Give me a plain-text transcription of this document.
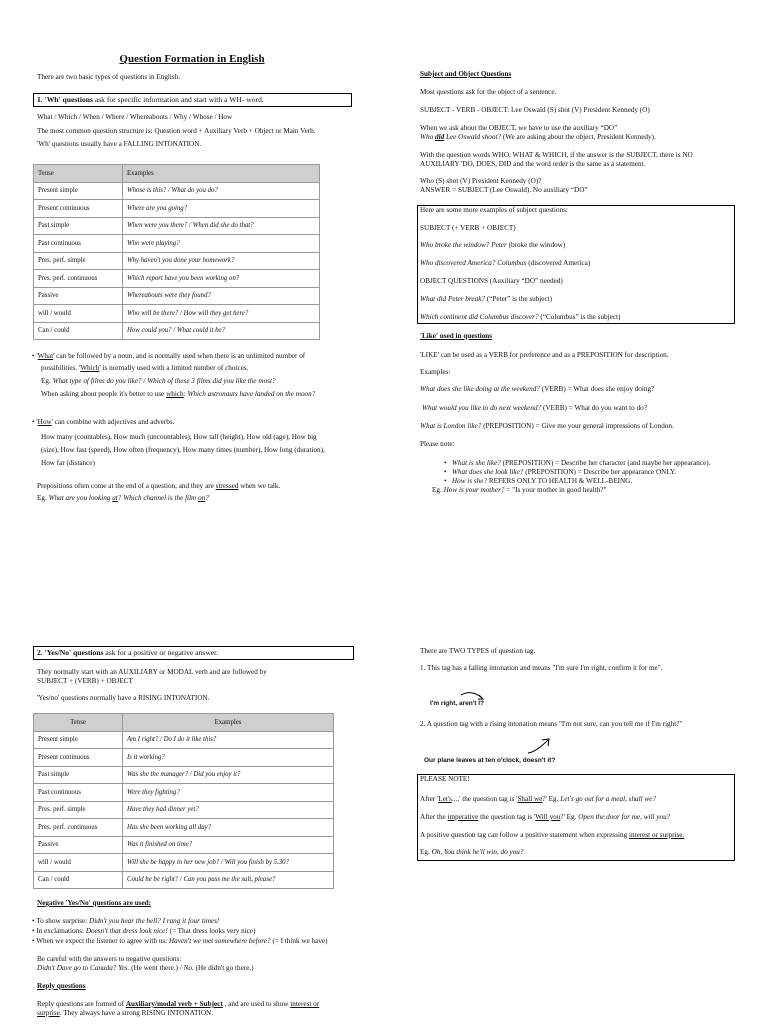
Question Formation in English
There are two basic types of questions in English.
1. 'Wh' questions ask for specific information and start with a WH- word.
What / Which / When / Where / Whereabouts / Why / Whose / How
The most common question structure is: Question word + Auxiliary Verb + Object or Main Verb.
'Wh' questions usually have a FALLING INTONATION.
Tense	Examples
Present simple	Whose is this? / What do you do?
Present continuous	Where are you going?
Past simple	When were you there? / When did she do that?
Past continuous	Who were playing?
Pres. perf. simple	Why haven't you done your homework?
Pres. perf. continuous	Which report have you been working on?
Passive	Whereabouts were they found?
will / would	Who will be there? / How will they get here?
Can / could	How could you? / What could it be?
• 'What' can be followed by a noun, and is normally used when there is an unlimited number of
possibilities. 'Which' is normally used with a limited number of choices.
Eg. What type of films do you like? / Which of these 3 films did you like the most?
When asking about people it's better to use which: Which astronauts have landed on the moon?
• 'How' can combine with adjectives and adverbs.
How many (countables), How much (uncountables), How tall (height), How old (age), How big
(size), How fast (speed), How often (frequency), How many times (number), How long (duration),
How far (distance)
Prepositions often come at the end of a question, and they are stressed when we talk.
Eg. What are you looking at? Which channel is the film on?
Subject and Object Questions
Most questions ask for the object of a sentence.
SUBJECT - VERB - OBJECT: Lee Oswald (S) shot (V) President Kennedy (O)
When we ask about the OBJECT, we have to use the auxiliary “DO”
Who did Lee Oswald shoot? (We are asking about the object, President Kennedy).
With the question words WHO, WHAT & WHICH, if the answer is the SUBJECT, there is NO
AUXILIARY 'DO, DOES, DID and the word order is the same as a statement.
Who (S) shot (V) President Kennedy (O)?
ANSWER = SUBJECT (Lee Oswald). No auxiliary “DO”
Here are some more examples of subject questions:
SUBJECT (+ VERB + OBJECT)
Who broke the window? Peter (broke the window)
Who discovered America? Columbus (discovered America)
OBJECT QUESTIONS (Auxiliary “DO” needed)
What did Peter break? (“Peter” is the subject)
Which continent did Columbus discover? (“Columbus” is the subject)
'Like' used in questions
'LIKE' can be used as a VERB for preference and as a PREPOSITION for description.
Examples:
What does she like doing at the weekend? (VERB) = What does she enjoy doing?
What would you like to do next weekend? (VERB) = What do you want to do?
What is London like? (PREPOSITION) = Give me your general impressions of London.
Please note:
•   What is she like? (PREPOSITION) = Describe her character (and maybe her appearance).
•   What does she look like? (PREPOSITION) = Describe her appearance ONLY.
•   How is she? REFERS ONLY TO HEALTH & WELL-BEING.
Eg. How is your mother? = "Is your mother in good health?"
2. 'Yes/No' questions ask for a positive or negative answer.
They normally start with an AUXILIARY or MODAL verb and are followed by
SUBJECT + (VERB) + OBJECT
'Yes/no' questions normally have a RISING INTONATION.
Tense	Examples
Present simple	Am I right? / Do I do it like this?
Present continuous	Is it working?
Past simple	Was she the manager? / Did you enjoy it?
Past continuous	Were they fighting?
Pres. perf. simple	Have they had dinner yet?
Pres. perf. continuous	Has she been working all day?
Passive	Was it finished on time?
will / would	Will she be happy in her new job? / Will you finish by 5.30?
Can / could	Could he be right? / Can you pass me the salt, please?
Negative 'Yes/No' questions are used:
• To show surprise: Didn't you hear the bell? I rang it four times!
• In exclamations: Doesn't that dress look nice! (= That dress looks very nice)
• When we expect the listener to agree with us: Haven't we met somewhere before? (= I think we have)
Be careful with the answers to negative questions:
Didn't Dave go to Canada? Yes. (He went there.) / No. (He didn't go there.)
Reply questions
Reply questions are formed of Auxiliary/modal verb + Subject , and are used to show interest or
surprise. They always have a strong RISING INTONATION.
There are TWO TYPES of question tag.
1. This tag has a falling intonation and means "I'm sure I'm right, confirm it for me".
I'm right, aren't I?
2. A question tag with a rising intonation means "I'm not sure, can you tell me if I'm right?"
Our plane leaves at ten o'clock, doesn't it?
PLEASE NOTE!
After 'Let's....' the question tag is 'Shall we?' Eg. Let's go out for a meal, shall we?
After the imperative the question tag is 'Will you?' Eg. Open the door for me, will you?
A positive question tag can follow a positive statement when expressing interest or surprise.
Eg. Oh, You think he'll win, do you?
